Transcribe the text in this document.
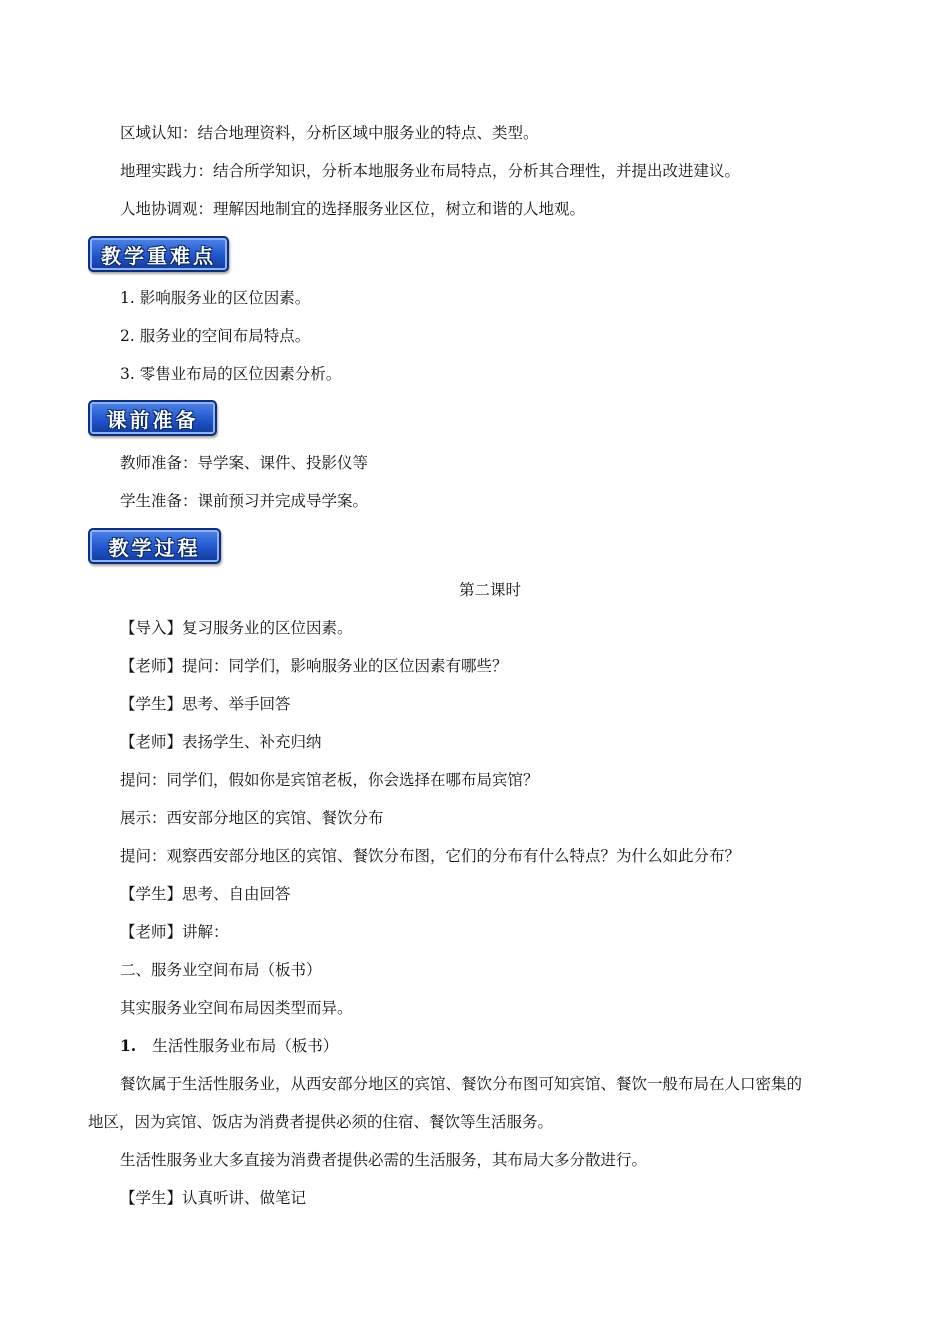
区域认知：结合地理资料，分析区域中服务业的特点、类型。
地理实践力：结合所学知识，分析本地服务业布局特点，分析其合理性，并提出改进建议。
人地协调观：理解因地制宜的选择服务业区位，树立和谐的人地观。
教学重难点
1. 影响服务业的区位因素。
2. 服务业的空间布局特点。
3. 零售业布局的区位因素分析。
课前准备
教师准备：导学案、课件、投影仪等
学生准备：课前预习并完成导学案。
教学过程
第二课时
【导入】复习服务业的区位因素。
【老师】提问：同学们，影响服务业的区位因素有哪些？
【学生】思考、举手回答
【老师】表扬学生、补充归纳
提问：同学们，假如你是宾馆老板，你会选择在哪布局宾馆？
展示：西安部分地区的宾馆、餐饮分布
提问：观察西安部分地区的宾馆、餐饮分布图，它们的分布有什么特点？为什么如此分布？
【学生】思考、自由回答
【老师】讲解：
二、服务业空间布局（板书）
其实服务业空间布局因类型而异。
1. 生活性服务业布局（板书）
餐饮属于生活性服务业，从西安部分地区的宾馆、餐饮分布图可知宾馆、餐饮一般布局在人口密集的
地区，因为宾馆、饭店为消费者提供必须的住宿、餐饮等生活服务。
生活性服务业大多直接为消费者提供必需的生活服务，其布局大多分散进行。
【学生】认真听讲、做笔记
